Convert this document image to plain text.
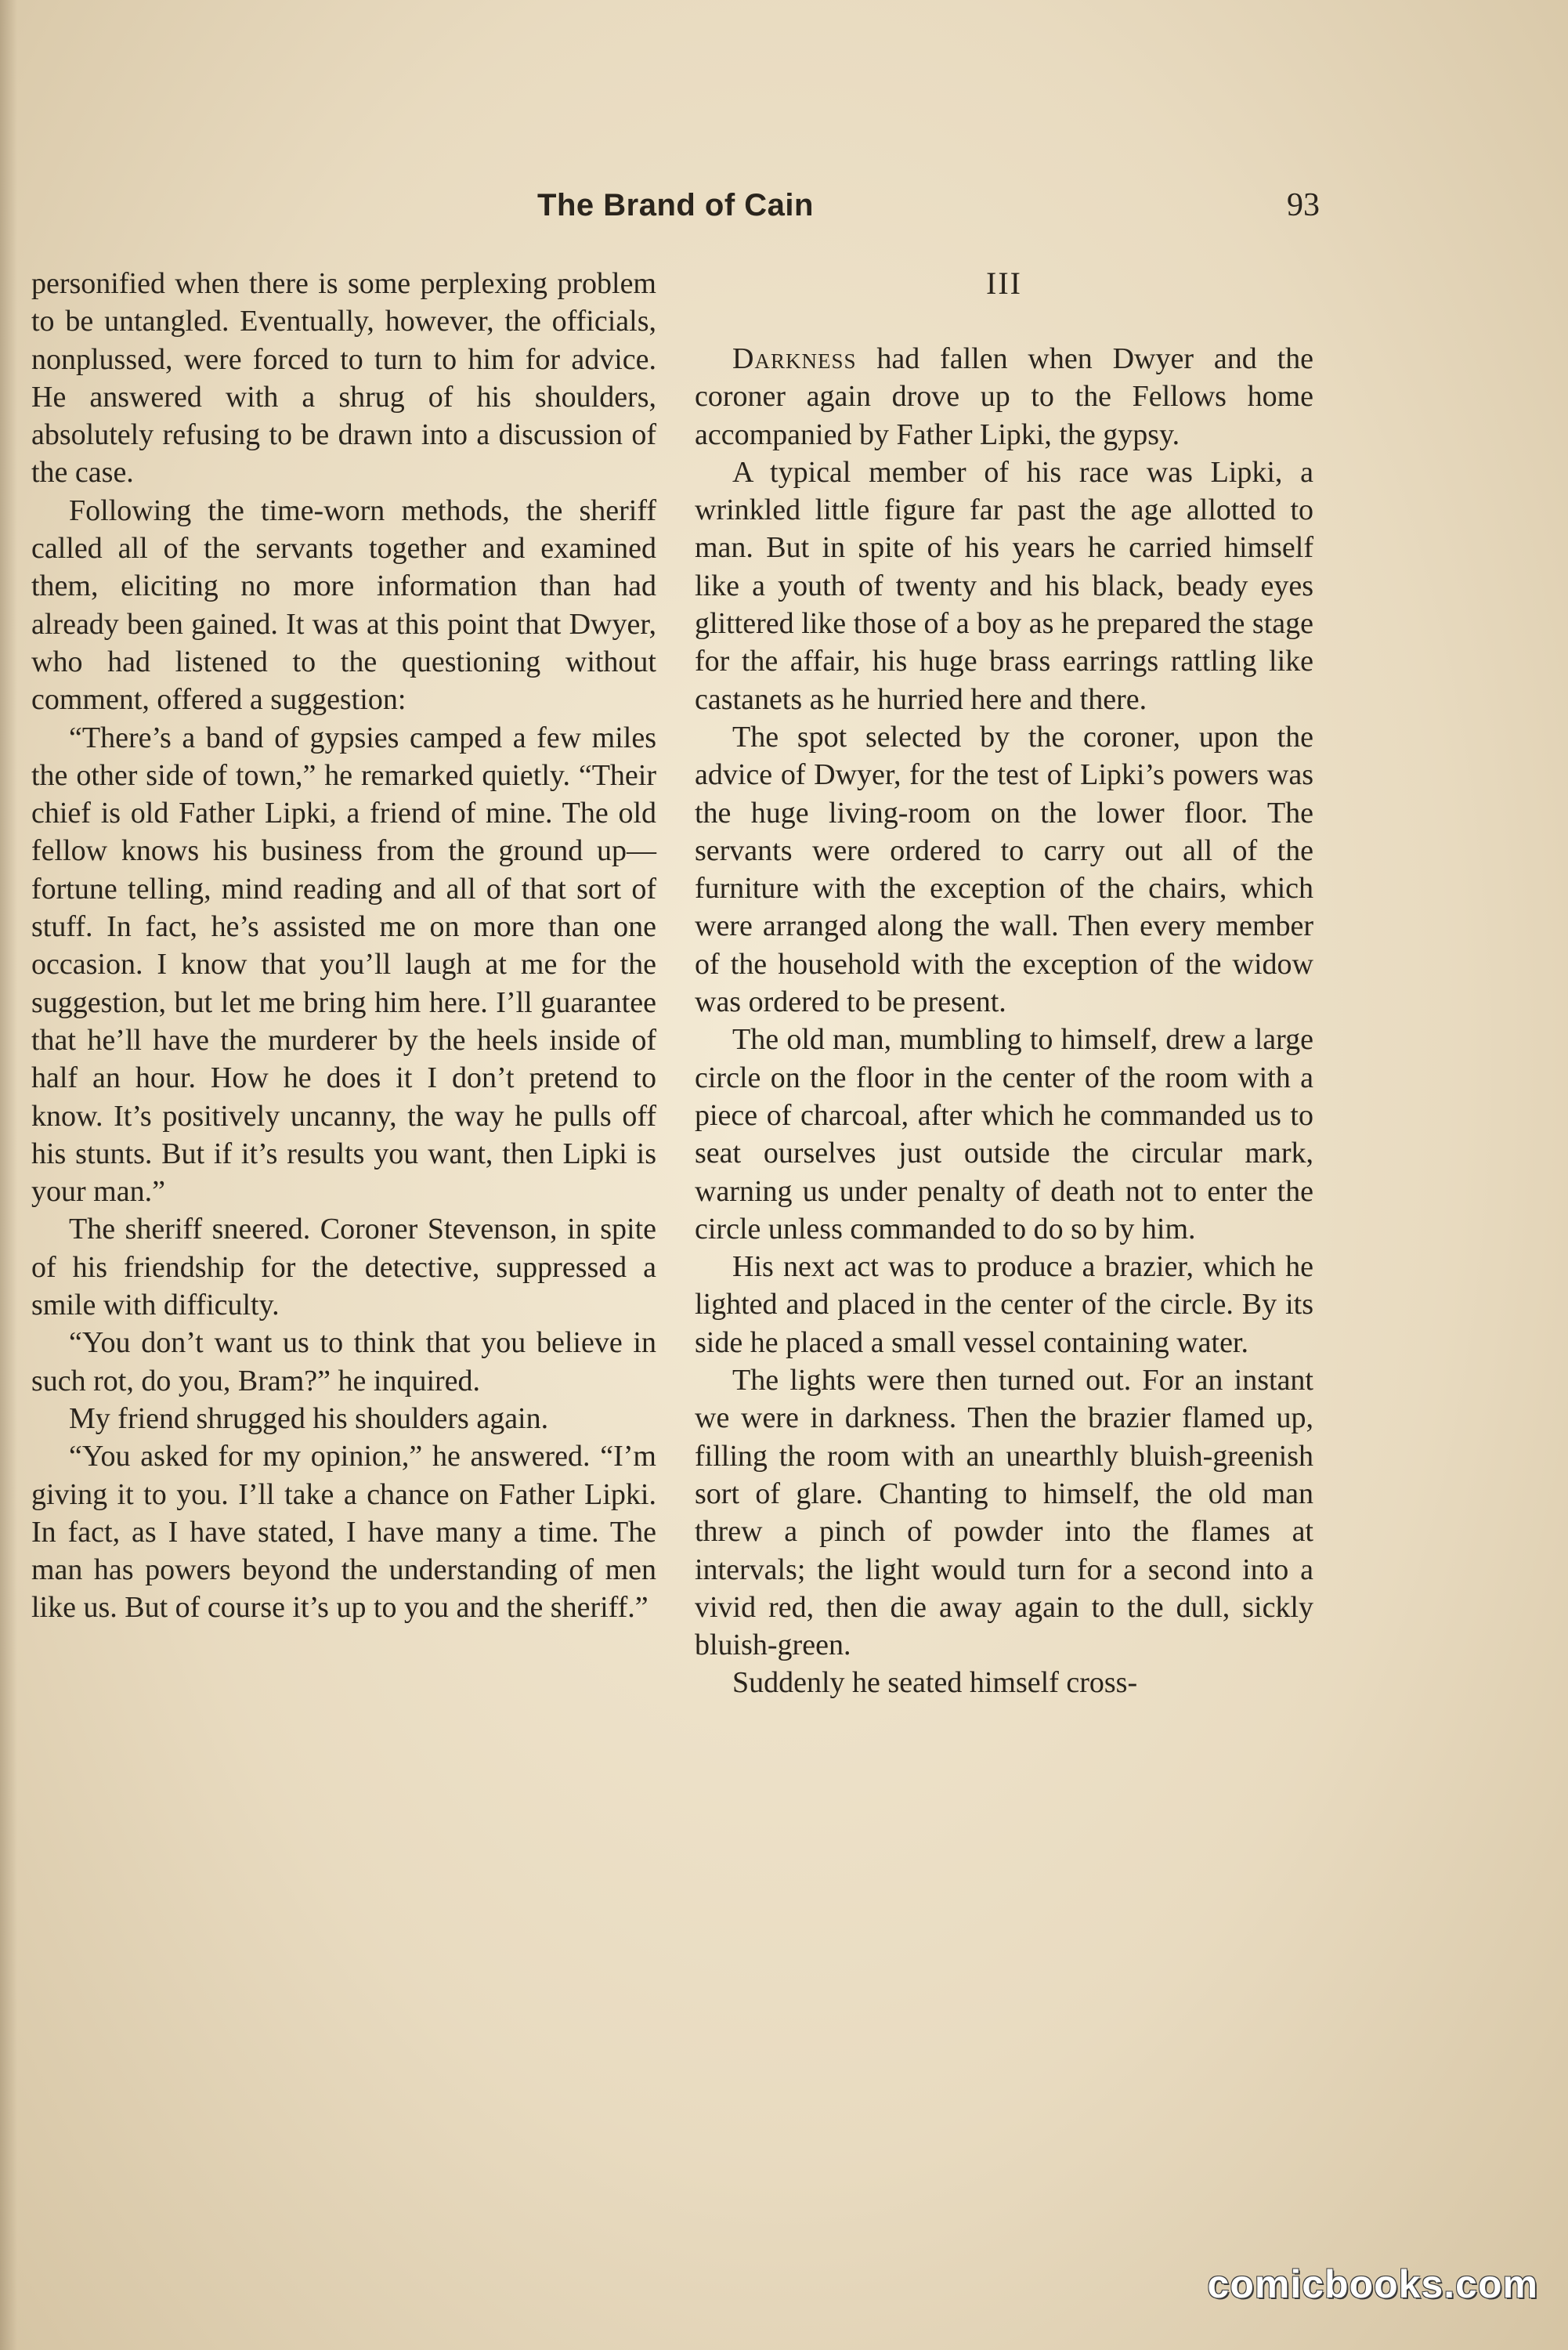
The Brand of Cain	93

personified when there is some perplexing problem to be untangled. Eventually, however, the officials, nonplussed, were forced to turn to him for advice. He answered with a shrug of his shoulders, absolutely refusing to be drawn into a discussion of the case.

Following the time-worn methods, the sheriff called all of the servants together and examined them, eliciting no more information than had already been gained. It was at this point that Dwyer, who had listened to the questioning without comment, offered a suggestion:

“There’s a band of gypsies camped a few miles the other side of town,” he remarked quietly. “Their chief is old Father Lipki, a friend of mine. The old fellow knows his business from the ground up—fortune telling, mind reading and all of that sort of stuff. In fact, he’s assisted me on more than one occasion. I know that you’ll laugh at me for the suggestion, but let me bring him here. I’ll guarantee that he’ll have the murderer by the heels inside of half an hour. How he does it I don’t pretend to know. It’s positively uncanny, the way he pulls off his stunts. But if it’s results you want, then Lipki is your man.”

The sheriff sneered. Coroner Stevenson, in spite of his friendship for the detective, suppressed a smile with difficulty.

“You don’t want us to think that you believe in such rot, do you, Bram?” he inquired.

My friend shrugged his shoulders again.

“You asked for my opinion,” he answered. “I’m giving it to you. I’ll take a chance on Father Lipki. In fact, as I have stated, I have many a time. The man has powers beyond the understanding of men like us. But of course it’s up to you and the sheriff.”

III

Darkness had fallen when Dwyer and the coroner again drove up to the Fellows home accompanied by Father Lipki, the gypsy.

A typical member of his race was Lipki, a wrinkled little figure far past the age allotted to man. But in spite of his years he carried himself like a youth of twenty and his black, beady eyes glittered like those of a boy as he prepared the stage for the affair, his huge brass earrings rattling like castanets as he hurried here and there.

The spot selected by the coroner, upon the advice of Dwyer, for the test of Lipki’s powers was the huge living-room on the lower floor. The servants were ordered to carry out all of the furniture with the exception of the chairs, which were arranged along the wall. Then every member of the household with the exception of the widow was ordered to be present.

The old man, mumbling to himself, drew a large circle on the floor in the center of the room with a piece of charcoal, after which he commanded us to seat ourselves just outside the circular mark, warning us under penalty of death not to enter the circle unless commanded to do so by him.

His next act was to produce a brazier, which he lighted and placed in the center of the circle. By its side he placed a small vessel containing water.

The lights were then turned out. For an instant we were in darkness. Then the brazier flamed up, filling the room with an unearthly bluish-greenish sort of glare. Chanting to himself, the old man threw a pinch of powder into the flames at intervals; the light would turn for a second into a vivid red, then die away again to the dull, sickly bluish-green.

Suddenly he seated himself cross-

comicbooks.com
